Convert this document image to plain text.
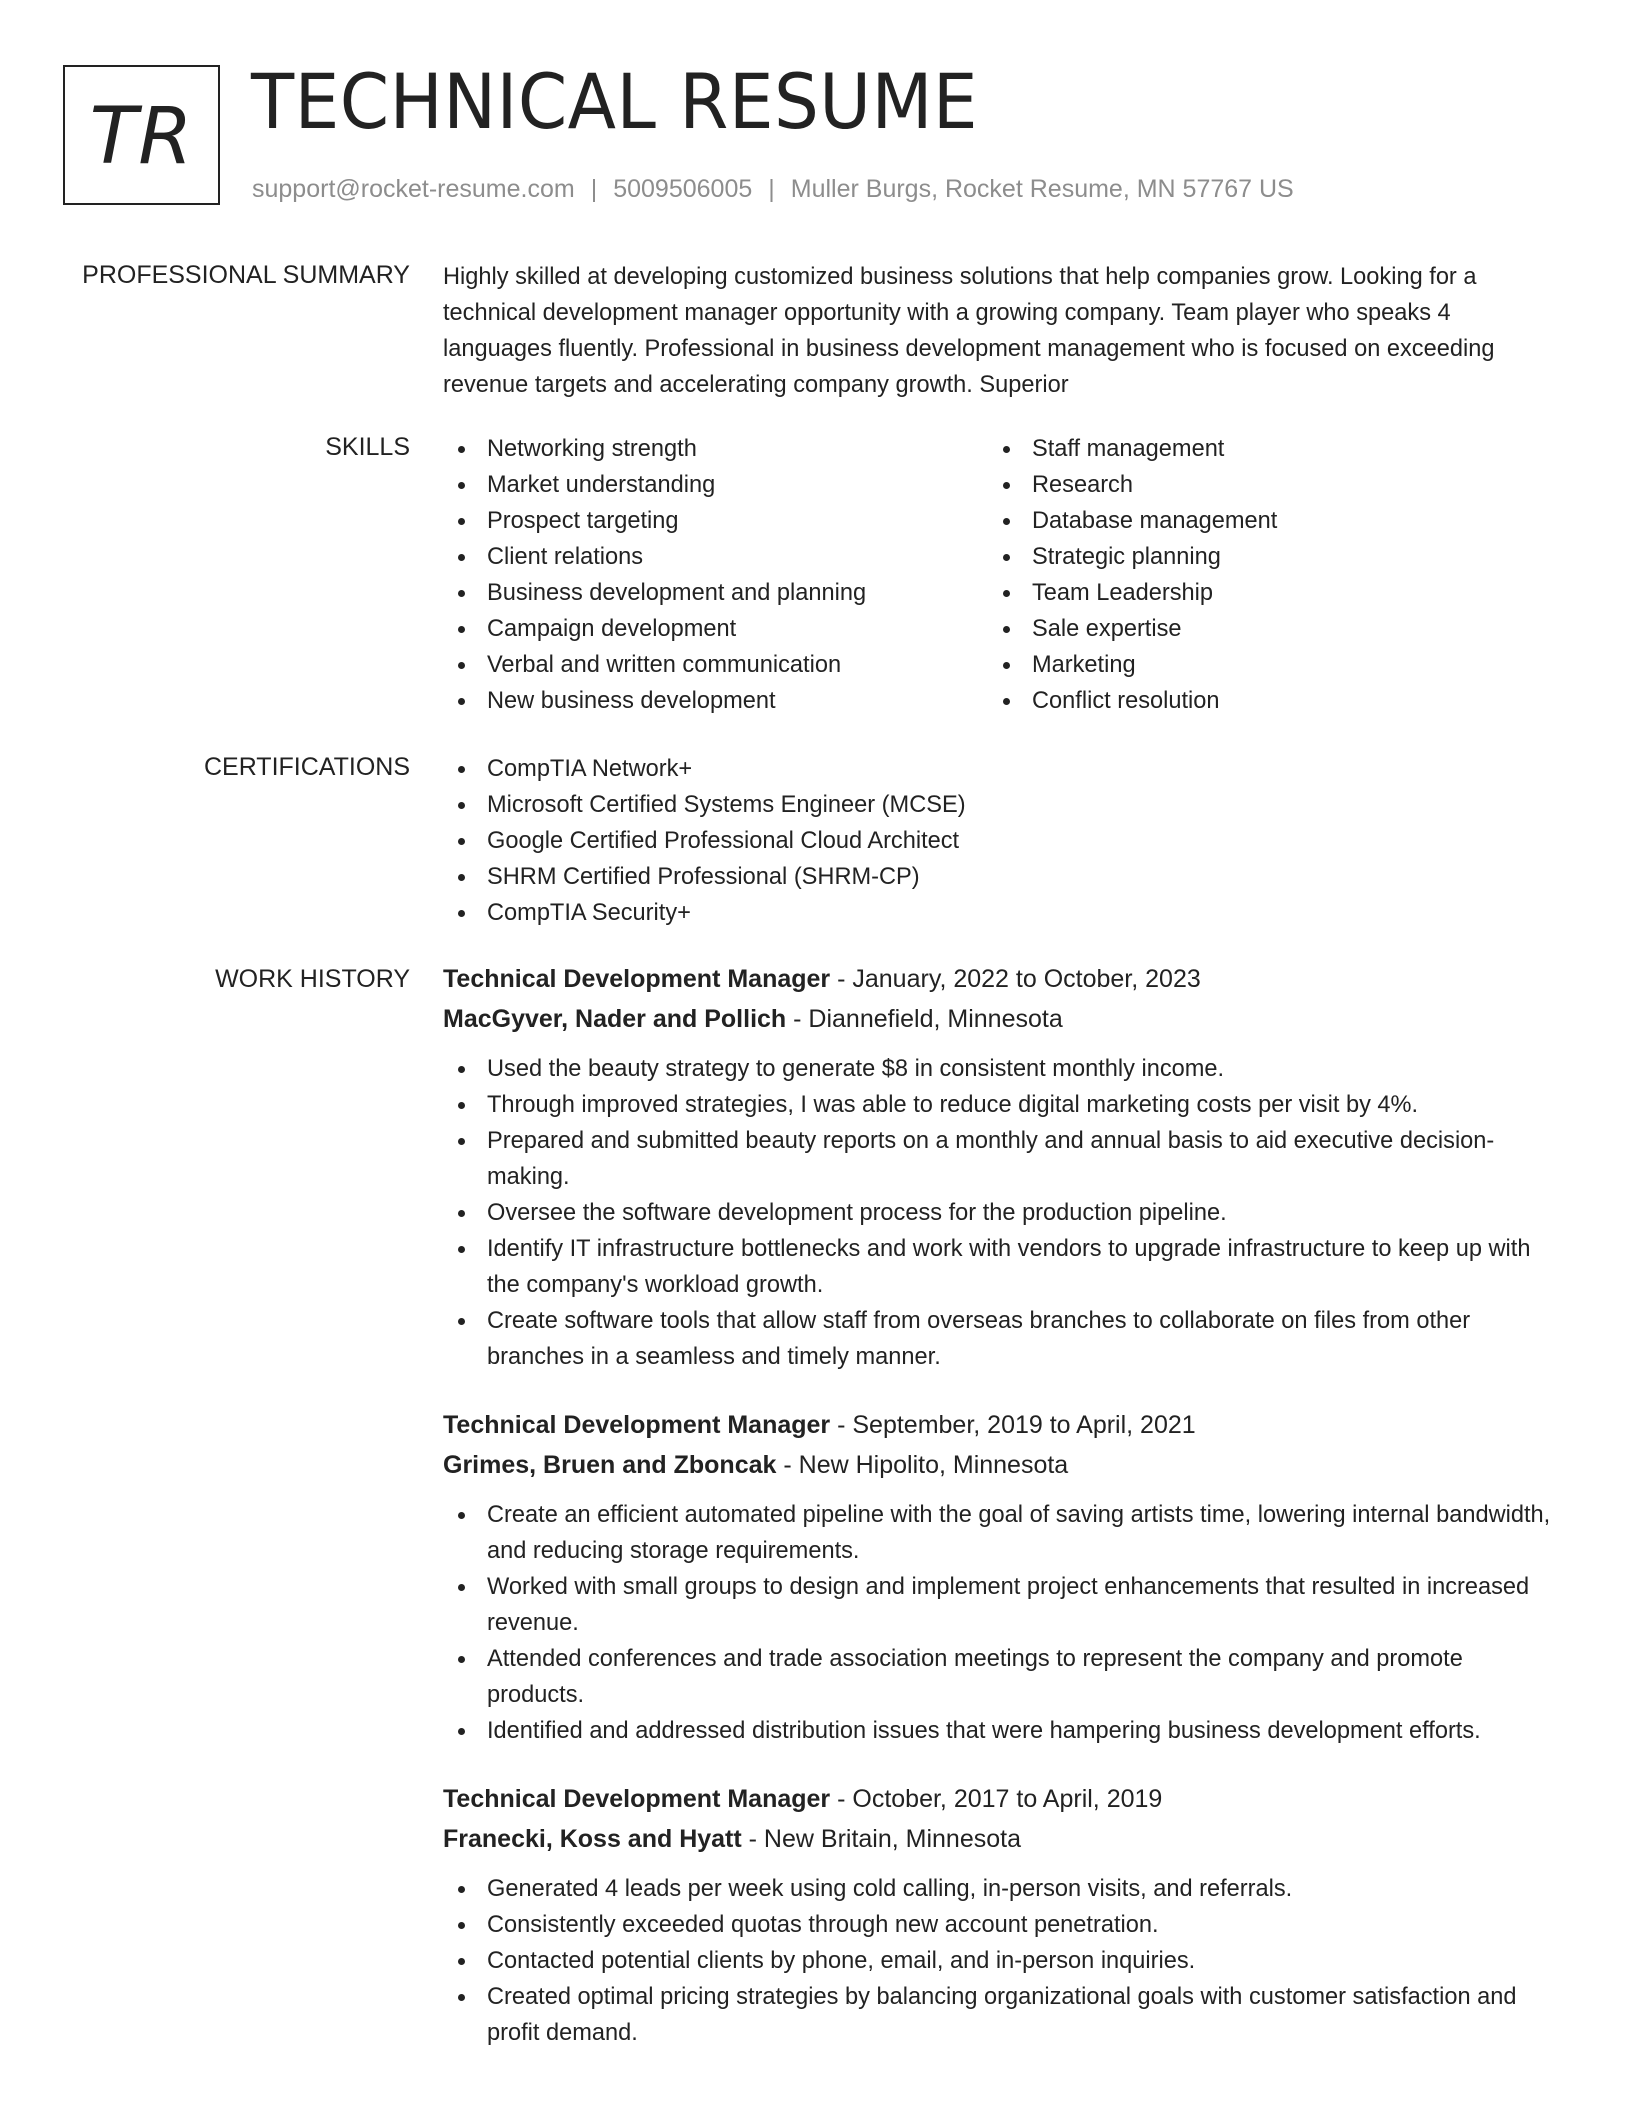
TR TECHNICAL RESUME
support@rocket-resume.com | 5009506005 | Muller Burgs, Rocket Resume, MN 57767 US
PROFESSIONAL SUMMARY Highly skilled at developing customized business solutions that help companies grow. Looking for a technical development manager opportunity with a growing company. Team player who speaks 4 languages fluently. Professional in business development management who is focused on exceeding revenue targets and accelerating company growth. Superior

SKILLS	Networking strength
Market understanding
Prospect targeting
Client relations
Business development and planning
Campaign development
Verbal and written communication
New business development
Staff management
Research
Database management
Strategic planning
Team Leadership
Sale expertise
Marketing
Conflict resolution
CERTIFICATIONS	CompTIA Network+
Microsoft Certified Systems Engineer (MCSE)
Google Certified Professional Cloud Architect
SHRM Certified Professional (SHRM-CP)
CompTIA Security+
WORK HISTORY Technical Development Manager - January, 2022 to October, 2023
MacGyver, Nader and Pollich - Diannefield, Minnesota
Used the beauty strategy to generate $8 in consistent monthly income.
Through improved strategies, I was able to reduce digital marketing costs per visit by 4%.
Prepared and submitted beauty reports on a monthly and annual basis to aid executive decision-making.
Oversee the software development process for the production pipeline.
Identify IT infrastructure bottlenecks and work with vendors to upgrade infrastructure to keep up with the company's workload growth.
Create software tools that allow staff from overseas branches to collaborate on files from other branches in a seamless and timely manner.
Technical Development Manager - September, 2019 to April, 2021
Grimes, Bruen and Zboncak - New Hipolito, Minnesota
Create an efficient automated pipeline with the goal of saving artists time, lowering internal bandwidth, and reducing storage requirements.
Worked with small groups to design and implement project enhancements that resulted in increased revenue.
Attended conferences and trade association meetings to represent the company and promote products.
Identified and addressed distribution issues that were hampering business development efforts.
Technical Development Manager - October, 2017 to April, 2019
Franecki, Koss and Hyatt - New Britain, Minnesota
Generated 4 leads per week using cold calling, in-person visits, and referrals.
Consistently exceeded quotas through new account penetration.
Contacted potential clients by phone, email, and in-person inquiries.
Created optimal pricing strategies by balancing organizational goals with customer satisfaction and profit demand.
